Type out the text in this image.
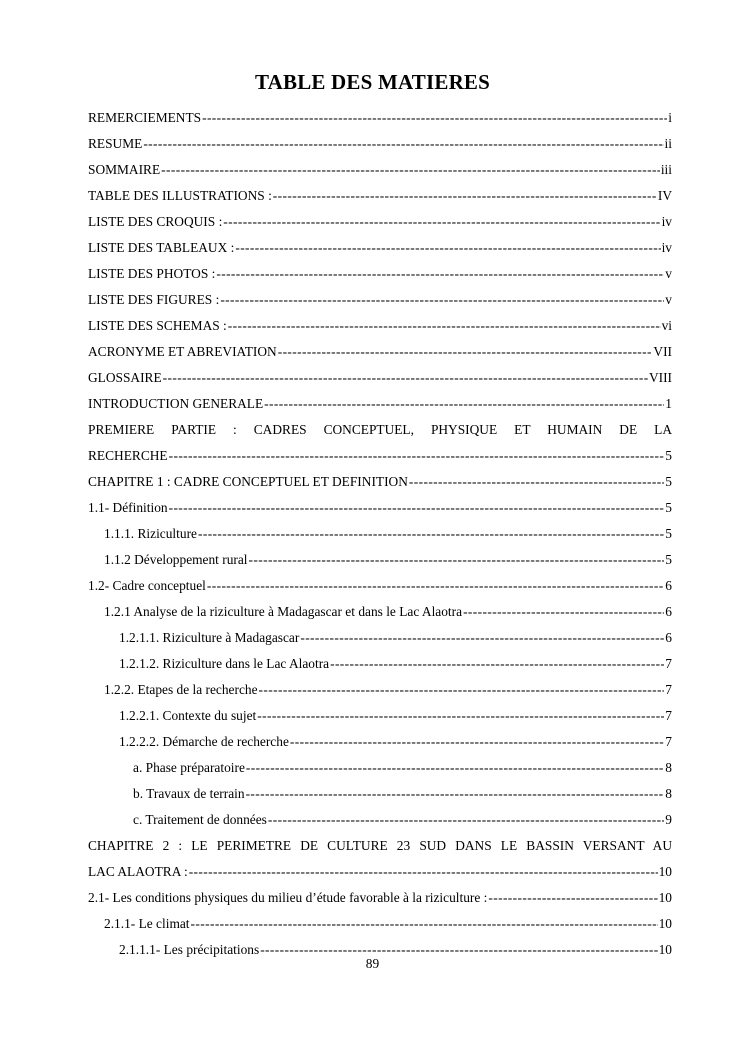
TABLE DES MATIERES
REMERCIEMENTS -----	i
RESUME -----	ii
SOMMAIRE -----	iii
TABLE DES ILLUSTRATIONS : -----	IV
LISTE DES CROQUIS : -----	iv
LISTE DES TABLEAUX : -----	iv
LISTE DES PHOTOS : -----	v
LISTE DES FIGURES : -----	v
LISTE DES SCHEMAS : -----	vi
ACRONYME ET ABREVIATION -----	VII
GLOSSAIRE -----	VIII
INTRODUCTION GENERALE -----	1
PREMIERE PARTIE : CADRES CONCEPTUEL, PHYSIQUE ET HUMAIN DE LA
RECHERCHE -----	5
CHAPITRE 1 : CADRE CONCEPTUEL ET DEFINITION -----	5
1.1- Définition -----	5
1.1.1. Riziculture -----	5
1.1.2 Développement rural -----	5
1.2- Cadre conceptuel -----	6
1.2.1 Analyse de la riziculture à Madagascar et dans le Lac Alaotra -----	6
1.2.1.1. Riziculture à Madagascar -----	6
1.2.1.2. Riziculture dans le Lac Alaotra -----	7
1.2.2. Etapes de la recherche -----	7
1.2.2.1. Contexte du sujet -----	7
1.2.2.2. Démarche de recherche -----	7
a. Phase préparatoire -----	8
b. Travaux de terrain -----	8
c. Traitement de données -----	9
CHAPITRE 2 : LE PERIMETRE DE CULTURE 23 SUD DANS LE BASSIN VERSANT AU
LAC ALAOTRA : -----	10
2.1- Les conditions physiques du milieu d’étude favorable à la riziculture : -----	10
2.1.1- Le climat -----	10
2.1.1.1- Les précipitations -----	10
89
